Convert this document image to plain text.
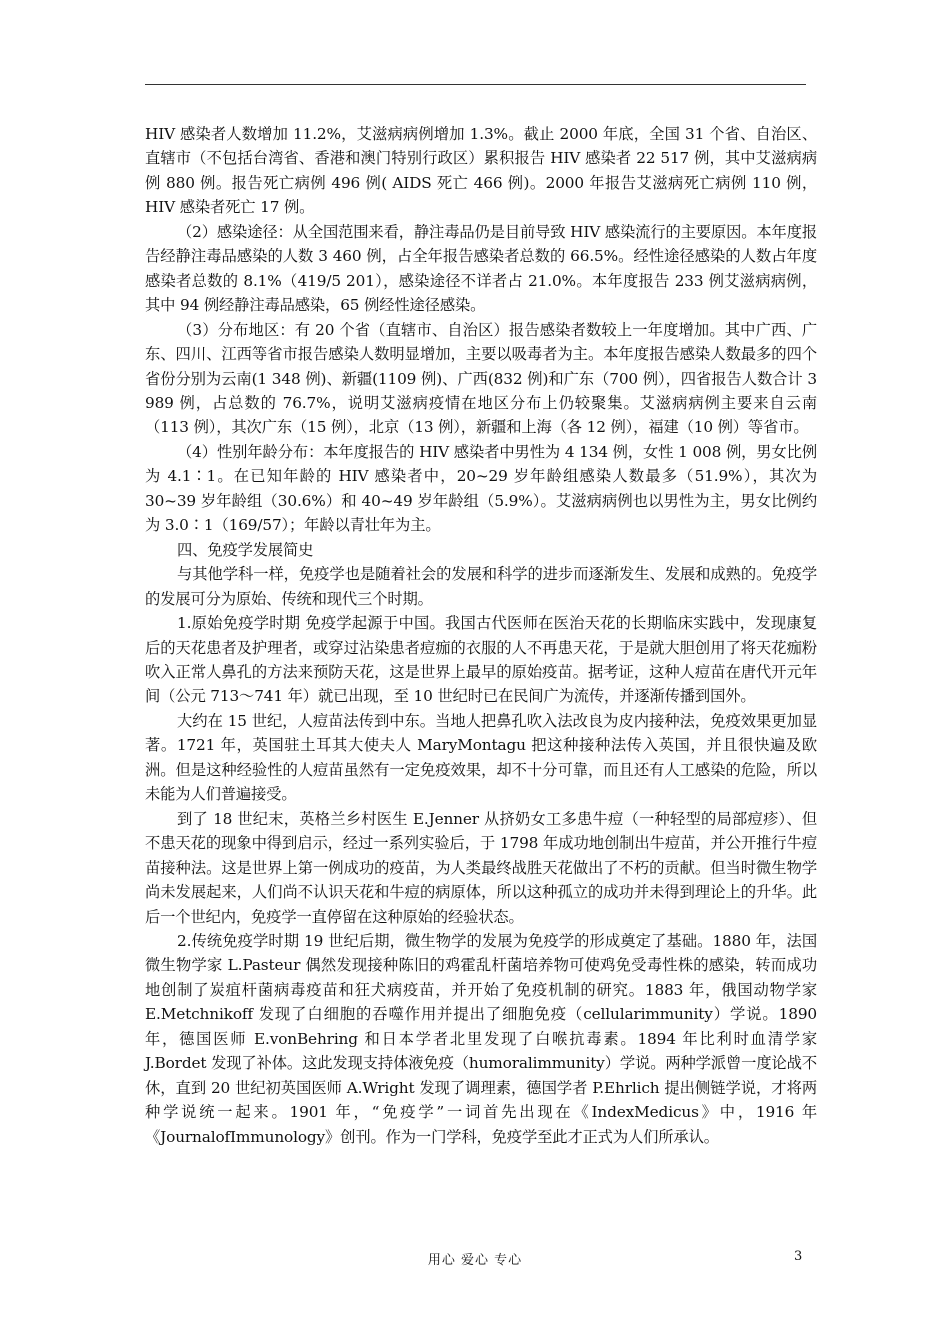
HIV 感染者人数增加 11.2%，艾滋病病例增加 1.3%。截止 2000 年底，全国 31 个省、自治区、直辖市（不包括台湾省、香港和澳门特别行政区）累积报告 HIV 感染者 22 517 例，其中艾滋病病例 880 例。报告死亡病例 496 例( AIDS 死亡 466 例)。2000 年报告艾滋病死亡病例 110 例，HIV 感染者死亡 17 例。

（2）感染途径：从全国范围来看，静注毒品仍是目前导致 HIV 感染流行的主要原因。本年度报告经静注毒品感染的人数 3 460 例，占全年报告感染者总数的 66.5%。经性途径感染的人数占年度感染者总数的 8.1%（419/5 201），感染途径不详者占 21.0%。本年度报告 233 例艾滋病病例，其中 94 例经静注毒品感染，65 例经性途径感染。

（3）分布地区：有 20 个省（直辖市、自治区）报告感染者数较上一年度增加。其中广西、广东、四川、江西等省市报告感染人数明显增加，主要以吸毒者为主。本年度报告感染人数最多的四个省份分别为云南(1 348 例)、新疆(1109 例)、广西(832 例)和广东（700 例），四省报告人数合计 3 989 例，占总数的 76.7%，说明艾滋病疫情在地区分布上仍较聚集。艾滋病病例主要来自云南（113 例），其次广东（15 例），北京（13 例），新疆和上海（各 12 例），福建（10 例）等省市。

（4）性别年龄分布：本年度报告的 HIV 感染者中男性为 4 134 例，女性 1 008 例，男女比例为 4.1∶1。在已知年龄的 HIV 感染者中，20~29 岁年龄组感染人数最多（51.9%），其次为 30~39 岁年龄组（30.6%）和 40~49 岁年龄组（5.9%）。艾滋病病例也以男性为主，男女比例约为 3.0∶1（169/57）；年龄以青壮年为主。

四、免疫学发展简史

与其他学科一样，免疫学也是随着社会的发展和科学的进步而逐渐发生、发展和成熟的。免疫学的发展可分为原始、传统和现代三个时期。

1.原始免疫学时期 免疫学起源于中国。我国古代医师在医治天花的长期临床实践中，发现康复后的天花患者及护理者，或穿过沾染患者痘痂的衣服的人不再患天花，于是就大胆创用了将天花痂粉吹入正常人鼻孔的方法来预防天花，这是世界上最早的原始疫苗。据考证，这种人痘苗在唐代开元年间（公元 713～741 年）就已出现，至 10 世纪时已在民间广为流传，并逐渐传播到国外。

大约在 15 世纪，人痘苗法传到中东。当地人把鼻孔吹入法改良为皮内接种法，免疫效果更加显著。1721 年，英国驻土耳其大使夫人 MaryMontagu 把这种接种法传入英国，并且很快遍及欧洲。但是这种经验性的人痘苗虽然有一定免疫效果，却不十分可靠，而且还有人工感染的危险，所以未能为人们普遍接受。

到了 18 世纪末，英格兰乡村医生 E.Jenner 从挤奶女工多患牛痘（一种轻型的局部痘疹）、但不患天花的现象中得到启示，经过一系列实验后，于 1798 年成功地创制出牛痘苗，并公开推行牛痘苗接种法。这是世界上第一例成功的疫苗，为人类最终战胜天花做出了不朽的贡献。但当时微生物学尚未发展起来，人们尚不认识天花和牛痘的病原体，所以这种孤立的成功并未得到理论上的升华。此后一个世纪内，免疫学一直停留在这种原始的经验状态。

2.传统免疫学时期 19 世纪后期，微生物学的发展为免疫学的形成奠定了基础。1880 年，法国微生物学家 L.Pasteur 偶然发现接种陈旧的鸡霍乱杆菌培养物可使鸡免受毒性株的感染，转而成功地创制了炭疽杆菌病毒疫苗和狂犬病疫苗，并开始了免疫机制的研究。1883 年，俄国动物学家 E.Metchnikoff 发现了白细胞的吞噬作用并提出了细胞免疫（cellularimmunity）学说。1890 年，德国医师 E.vonBehring 和日本学者北里发现了白喉抗毒素。1894 年比利时血清学家 J.Bordet 发现了补体。这此发现支持体液免疫（humoralimmunity）学说。两种学派曾一度论战不休，直到 20 世纪初英国医师 A.Wright 发现了调理素，德国学者 P.Ehrlich 提出侧链学说，才将两种学说统一起来。1901 年，“免疫学”一词首先出现在《IndexMedicus》中，1916 年《JournalofImmunology》创刊。作为一门学科，免疫学至此才正式为人们所承认。

用心 爱心 专心	3
